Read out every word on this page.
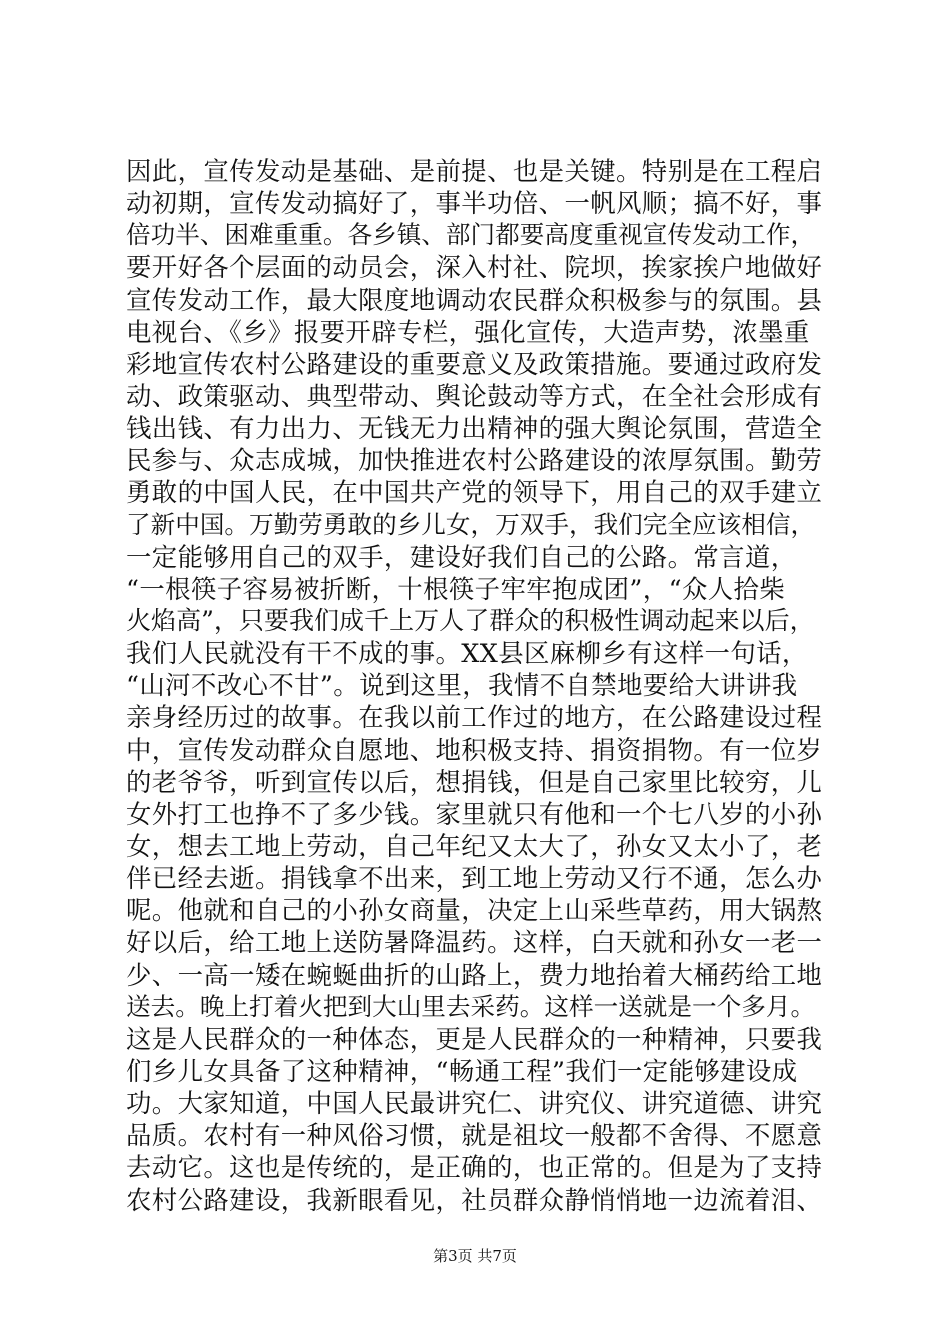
因此，宣传发动是基础、是前提、也是关键。特别是在工程启
动初期，宣传发动搞好了，事半功倍、一帆风顺；搞不好，事
倍功半、困难重重。各乡镇、部门都要高度重视宣传发动工作，
要开好各个层面的动员会，深入村社、院坝，挨家挨户地做好
宣传发动工作，最大限度地调动农民群众积极参与的氛围。县
电视台、《乡》报要开辟专栏，强化宣传，大造声势，浓墨重
彩地宣传农村公路建设的重要意义及政策措施。要通过政府发
动、政策驱动、典型带动、舆论鼓动等方式，在全社会形成有
钱出钱、有力出力、无钱无力出精神的强大舆论氛围，营造全
民参与、众志成城，加快推进农村公路建设的浓厚氛围。勤劳
勇敢的中国人民，在中国共产党的领导下，用自己的双手建立
了新中国。万勤劳勇敢的乡儿女，万双手，我们完全应该相信，
一定能够用自己的双手，建设好我们自己的公路。常言道，
“一根筷子容易被折断，十根筷子牢牢抱成团”，“众人拾柴
火焰高”，只要我们成千上万人了群众的积极性调动起来以后，
我们人民就没有干不成的事。XX县区麻柳乡有这样一句话，
“山河不改心不甘”。说到这里，我情不自禁地要给大讲讲我
亲身经历过的故事。在我以前工作过的地方，在公路建设过程
中，宣传发动群众自愿地、地积极支持、捐资捐物。有一位岁
的老爷爷，听到宣传以后，想捐钱，但是自己家里比较穷，儿
女外打工也挣不了多少钱。家里就只有他和一个七八岁的小孙
女，想去工地上劳动，自己年纪又太大了，孙女又太小了，老
伴已经去逝。捐钱拿不出来，到工地上劳动又行不通，怎么办
呢。他就和自己的小孙女商量，决定上山采些草药，用大锅熬
好以后，给工地上送防暑降温药。这样，白天就和孙女一老一
少、一高一矮在蜿蜒曲折的山路上，费力地抬着大桶药给工地
送去。晚上打着火把到大山里去采药。这样一送就是一个多月。
这是人民群众的一种体态，更是人民群众的一种精神，只要我
们乡儿女具备了这种精神，“畅通工程”我们一定能够建设成
功。大家知道，中国人民最讲究仁、讲究仪、讲究道德、讲究
品质。农村有一种风俗习惯，就是祖坟一般都不舍得、不愿意
去动它。这也是传统的，是正确的，也正常的。但是为了支持
农村公路建设，我新眼看见，社员群众静悄悄地一边流着泪、
第3页 共7页
